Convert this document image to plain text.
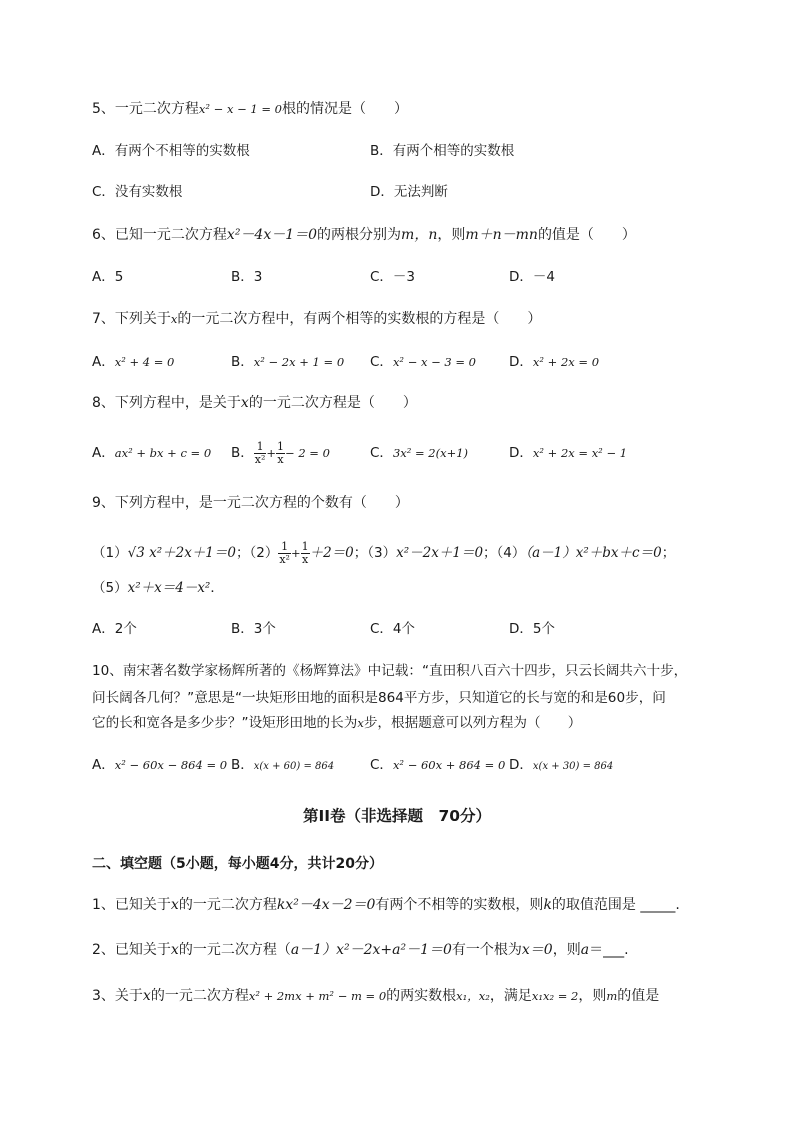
5、一元二次方程x² − x − 1 = 0根的情况是（　　）
A．有两个不相等的实数根	B．有两个相等的实数根
C．没有实数根	D．无法判断
6、已知一元二次方程x²－4x－1＝0的两根分别为m，n，则m＋n－mn的值是（　　）
A．5	B．3	C．－3	D．－4
7、下列关于x的一元二次方程中，有两个相等的实数根的方程是（　　）
A．x² + 4 = 0	B．x² − 2x + 1 = 0 C．x² − x − 3 = 0 D．x² + 2x = 0
8、下列方程中，是关于x的一元二次方程是（　　）
A．ax² + bx + c = 0 B． $\frac{1}{\text{x²}} + \frac{1}{x} - 2 = 0$	C．3x² = 2(x+1)	D．x² + 2x = x² − 1
9、下列方程中，是一元二次方程的个数有（　　）
（1）√3 x²＋2x＋1＝0；$(2) \frac{1}{\text{x²}} + \frac{1}{x} +2=0$；（3）x²－2x＋1＝0；（4）（a－1）x²＋bx＋c＝0；
（5）x²＋x＝4－x²．
A．2个	B．3个	C．4个	D．5个
10、南宋著名数学家杨辉所著的《杨辉算法》中记载：“直田积八百六十四步，只云长阔共六十步，
问长阔各几何？”意思是“一块矩形田地的面积是864平方步，只知道它的长与宽的和是60步，问
它的长和宽各是多少步？”设矩形田地的长为x步，根据题意可以列方程为（　　）
A．x² − 60x − 864 = 0 B．x(x + 60) = 864	C．x² − 60x + 864 = 0 D．x(x + 30) = 864
第II卷（非选择题　70分）
二、填空题（5小题，每小题4分，共计20分）
1、已知关于x的一元二次方程kx²－4x－2＝0有两个不相等的实数根，则k的取值范围是 _____.
2、已知关于x的一元二次方程（a－1）x²－2x+a²－1＝0有一个根为x＝0，则a＝___.
3、关于x的一元二次方程x² + 2mx + m² − m = 0的两实数根x₁，x₂，满足x₁x₂ = 2，则m的值是
